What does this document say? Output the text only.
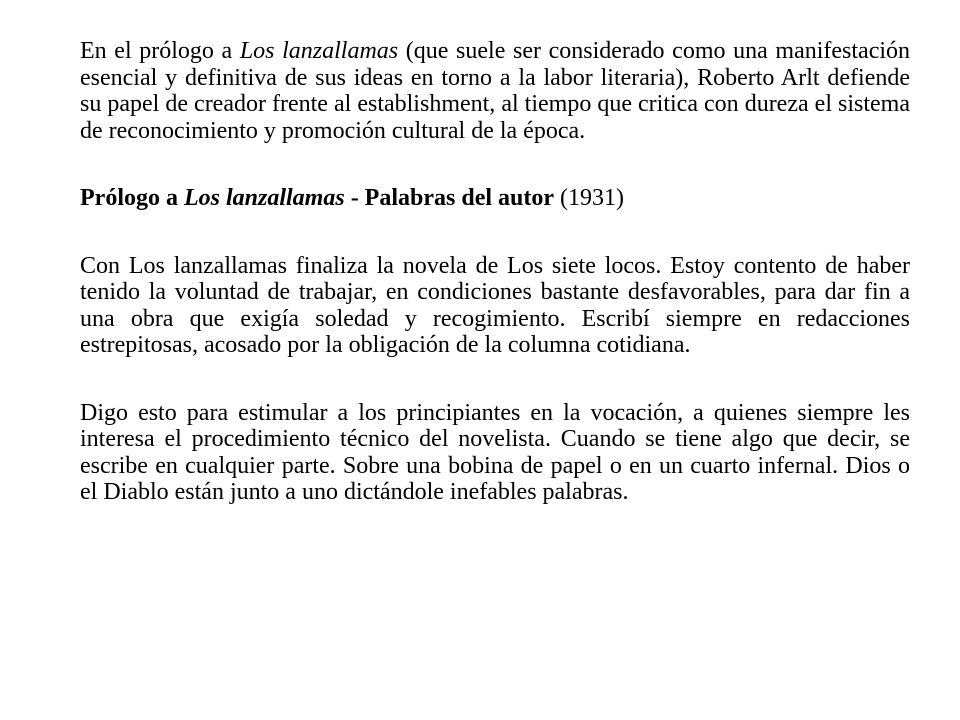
En el prólogo a Los lanzallamas (que suele ser considerado como una manifestación esencial y definitiva de sus ideas en torno a la labor literaria), Roberto Arlt defiende su papel de creador frente al establishment, al tiempo que critica con dureza el sistema de reconocimiento y promoción cultural de la época.

Prólogo a Los lanzallamas - Palabras del autor (1931)

Con Los lanzallamas finaliza la novela de Los siete locos. Estoy contento de haber tenido la voluntad de trabajar, en condiciones bastante desfavorables, para dar fin a una obra que exigía soledad y recogimiento. Escribí siempre en redacciones estrepitosas, acosado por la obligación de la columna cotidiana.

Digo esto para estimular a los principiantes en la vocación, a quienes siempre les interesa el procedimiento técnico del novelista. Cuando se tiene algo que decir, se escribe en cualquier parte. Sobre una bobina de papel o en un cuarto infernal. Dios o el Diablo están junto a uno dictándole inefables palabras.
